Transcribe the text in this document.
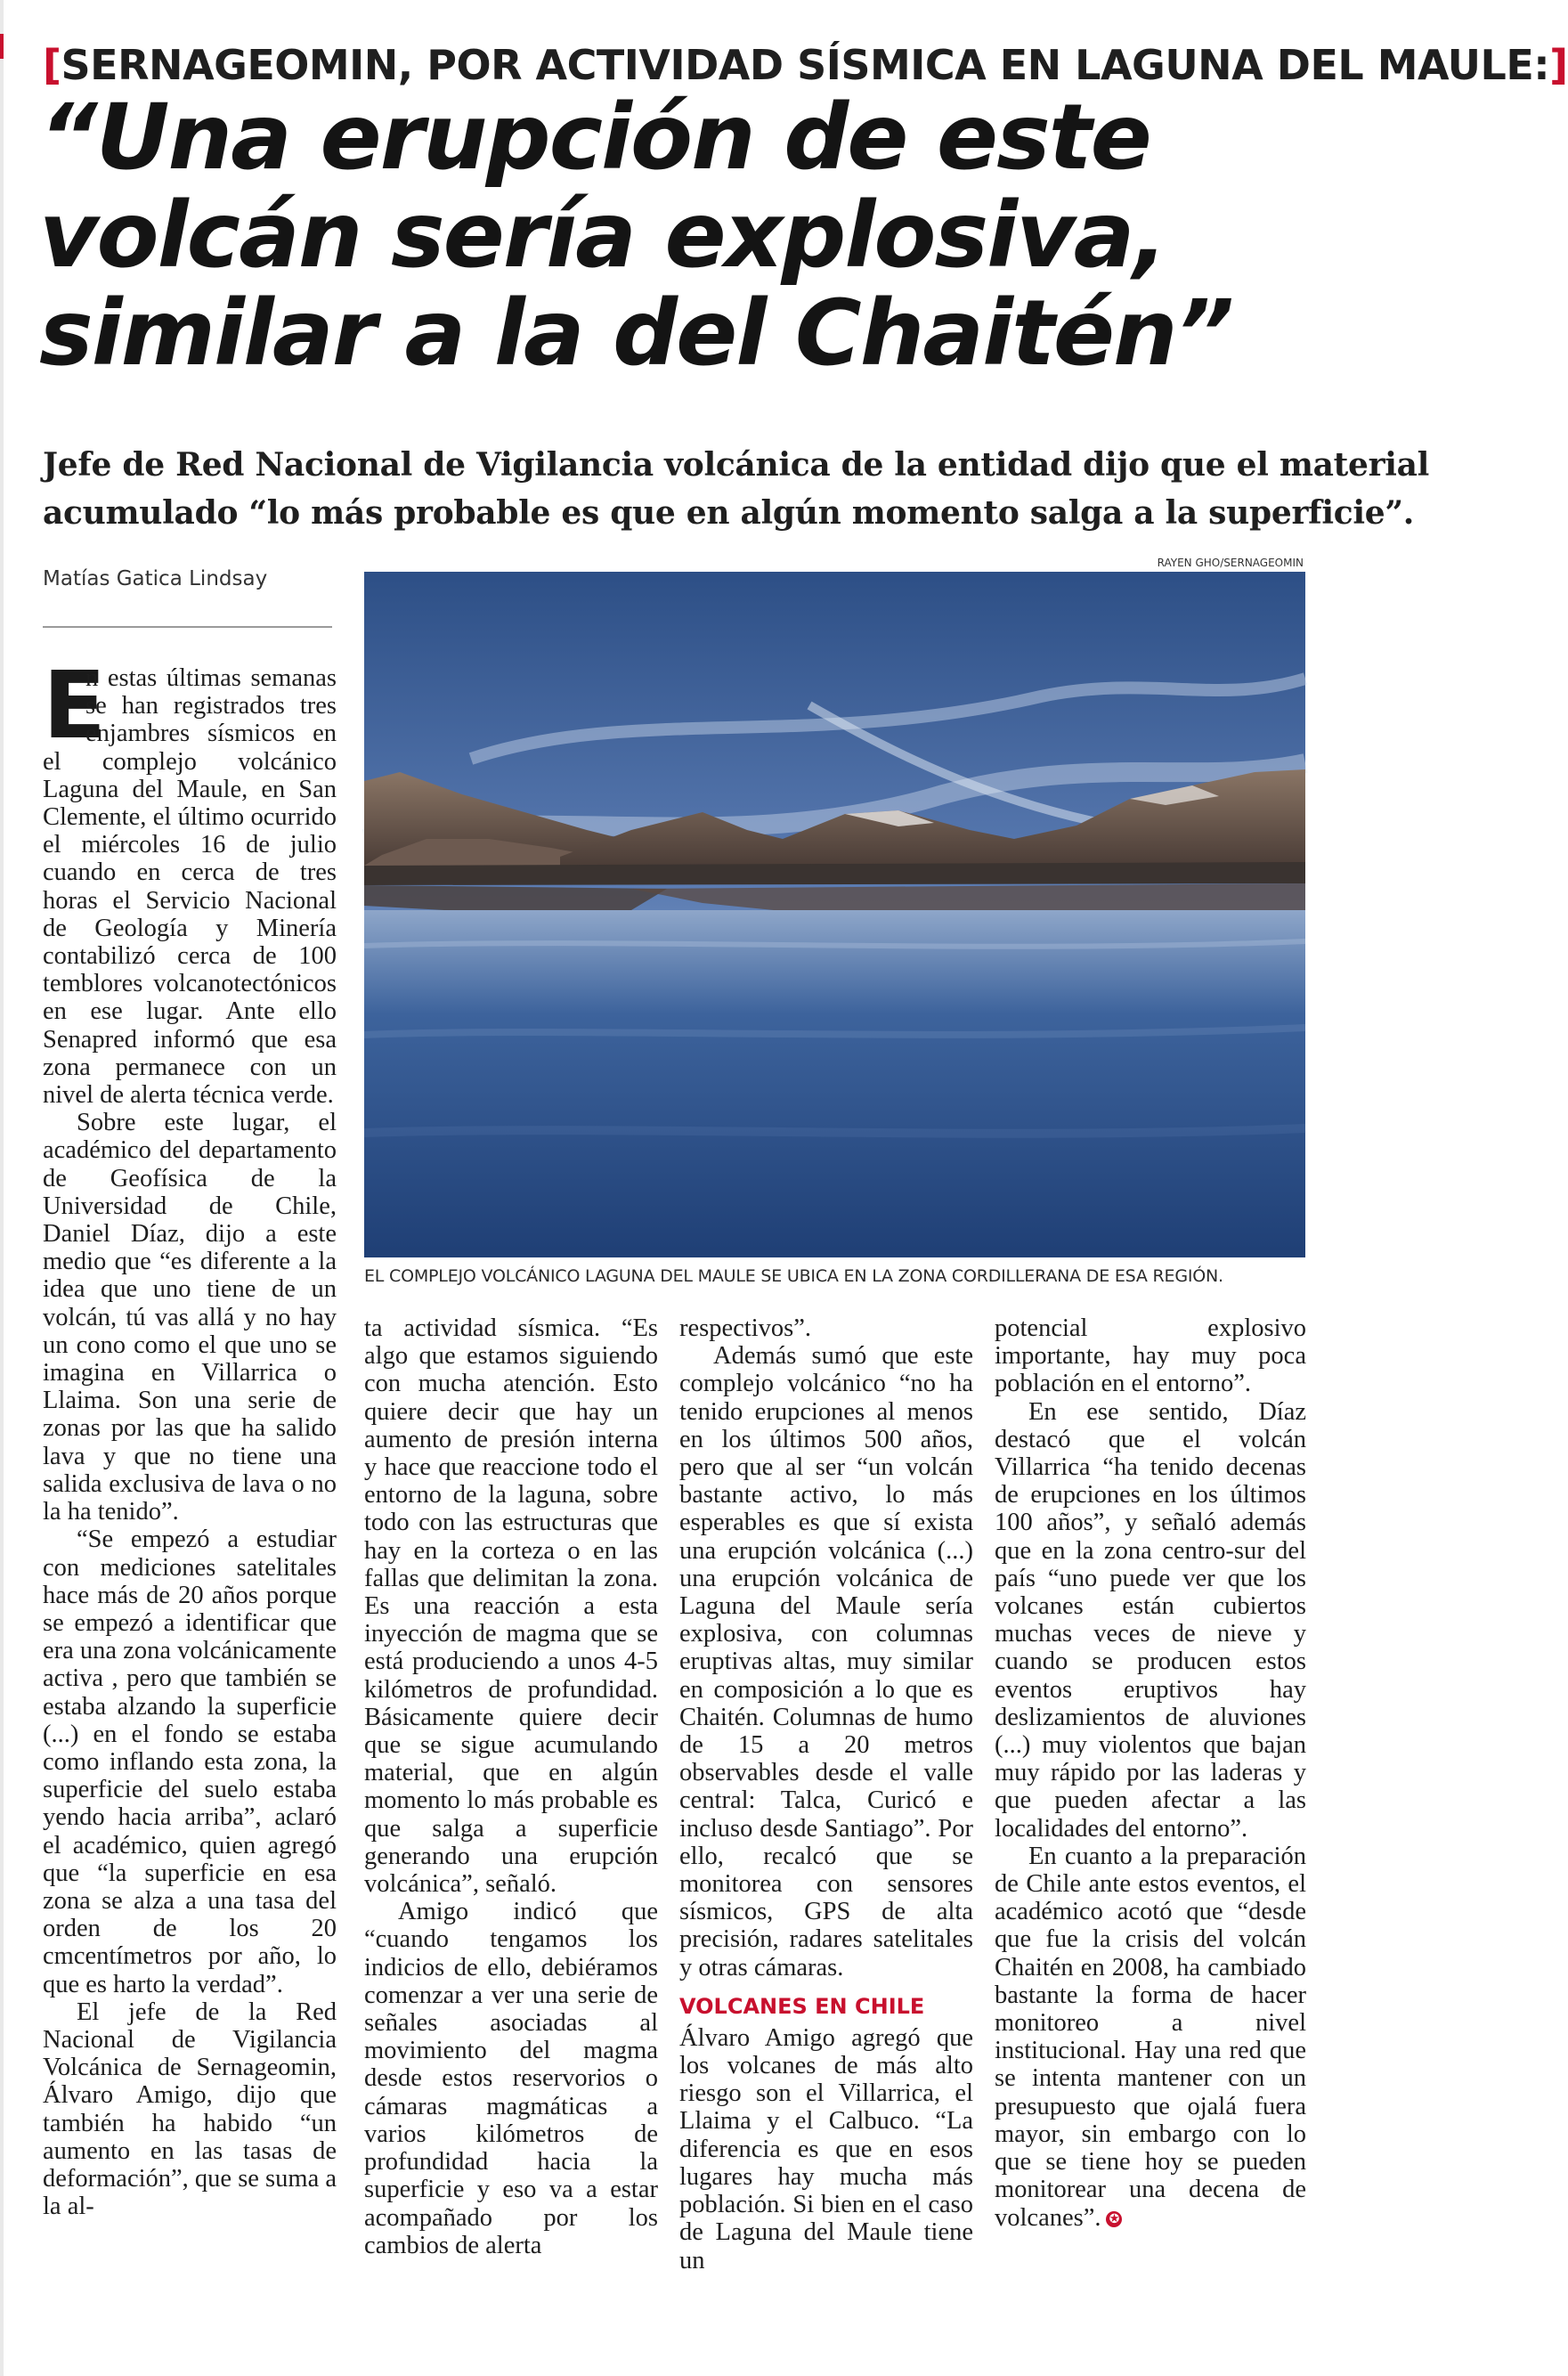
[SERNAGEOMIN, POR ACTIVIDAD SÍSMICA EN LAGUNA DEL MAULE:]
“Una erupción de este
volcán sería explosiva,
similar a la del Chaitén”
Jefe de Red Nacional de Vigilancia volcánica de la entidad dijo que el material
acumulado “lo más probable es que en algún momento salga a la superficie”.
Matías Gatica Lindsay
RAYEN GHO/SERNAGEOMIN
EL COMPLEJO VOLCÁNICO LAGUNA DEL MAULE SE UBICA EN LA ZONA CORDILLERANA DE ESA REGIÓN.

E
n estas últimas semanas se han registrados tres enjambres sísmicos en el complejo volcánico Laguna del Maule, en San Clemente, el último ocurrido el miércoles 16 de julio cuando en cerca de tres horas el Servicio Nacional de Geología y Minería contabilizó cerca de 100 temblores volcanotectónicos en ese lugar. Ante ello Senapred informó que esa zona permanece con un nivel de alerta técnica verde.

Sobre este lugar, el académico del departamento de Geofísica de la Universidad de Chile, Daniel Díaz, dijo a este medio que “es diferente a la idea que uno tiene de un volcán, tú vas allá y no hay un cono como el que uno se imagina en Villarrica o Llaima. Son una serie de zonas por las que ha salido lava y que no tiene una salida exclusiva de lava o no la ha tenido”.

“Se empezó a estudiar con mediciones satelitales hace más de 20 años porque se empezó a identificar que era una zona volcánicamente activa , pero que también se estaba alzando la superficie (...) en el fondo se estaba como inflando esta zona, la superficie del suelo estaba yendo hacia arriba”, aclaró el académico, quien agregó que “la superficie en esa zona se alza a una tasa del orden de los 20 cmcentímetros por año, lo que es harto la verdad”.

El jefe de la Red Nacional de Vigilancia Volcánica de Sernageomin, Álvaro Amigo, dijo que también ha habido “un aumento en las tasas de deformación”, que se suma a la al-

ta actividad sísmica. “Es algo que estamos siguiendo con mucha atención. Esto quiere decir que hay un aumento de presión interna y hace que reaccione todo el entorno de la laguna, sobre todo con las estructuras que hay en la corteza o en las fallas que delimitan la zona. Es una reacción a esta inyección de magma que se está produciendo a unos 4-5 kilómetros de profundidad. Básicamente quiere decir que se sigue acumulando material, que en algún momento lo más probable es que salga a superficie generando una erupción volcánica”, señaló.

Amigo indicó que “cuando tengamos los indicios de ello, debiéramos comenzar a ver una serie de señales asociadas al movimiento del magma desde estos reservorios o cámaras magmáticas a varios kilómetros de profundidad hacia la superficie y eso va a estar acompañado por los cambios de alerta

respectivos”.

Además sumó que este complejo volcánico “no ha tenido erupciones al menos en los últimos 500 años, pero que al ser “un volcán bastante activo, lo más esperables es que sí exista una erupción volcánica (...) una erupción volcánica de Laguna del Maule sería explosiva, con columnas eruptivas altas, muy similar en composición a lo que es Chaitén. Columnas de humo de 15 a 20 metros observables desde el valle central: Talca, Curicó e incluso desde Santiago”. Por ello, recalcó que se monitorea con sensores sísmicos, GPS de alta precisión, radares satelitales y otras cámaras.

VOLCANES EN CHILE

Álvaro Amigo agregó que los volcanes de más alto riesgo son el Villarrica, el Llaima y el Calbuco. “La diferencia es que en esos lugares hay mucha más población. Si bien en el caso de Laguna del Maule tiene un

potencial explosivo importante, hay muy poca población en el entorno”.

En ese sentido, Díaz destacó que el volcán Villarrica “ha tenido decenas de erupciones en los últimos 100 años”, y señaló además que en la zona centro-sur del país “uno puede ver que los volcanes están cubiertos muchas veces de nieve y cuando se producen estos eventos eruptivos hay deslizamientos de aluviones (...) muy violentos que bajan muy rápido por las laderas y que pueden afectar a las localidades del entorno”.

En cuanto a la preparación de Chile ante estos eventos, el académico acotó que “desde que fue la crisis del volcán Chaitén en 2008, ha cambiado bastante la forma de hacer monitoreo a nivel institucional. Hay una red que se intenta mantener con un presupuesto que ojalá fuera mayor, sin embargo con lo que se tiene hoy se pueden monitorear una decena de volcanes”. ✪
